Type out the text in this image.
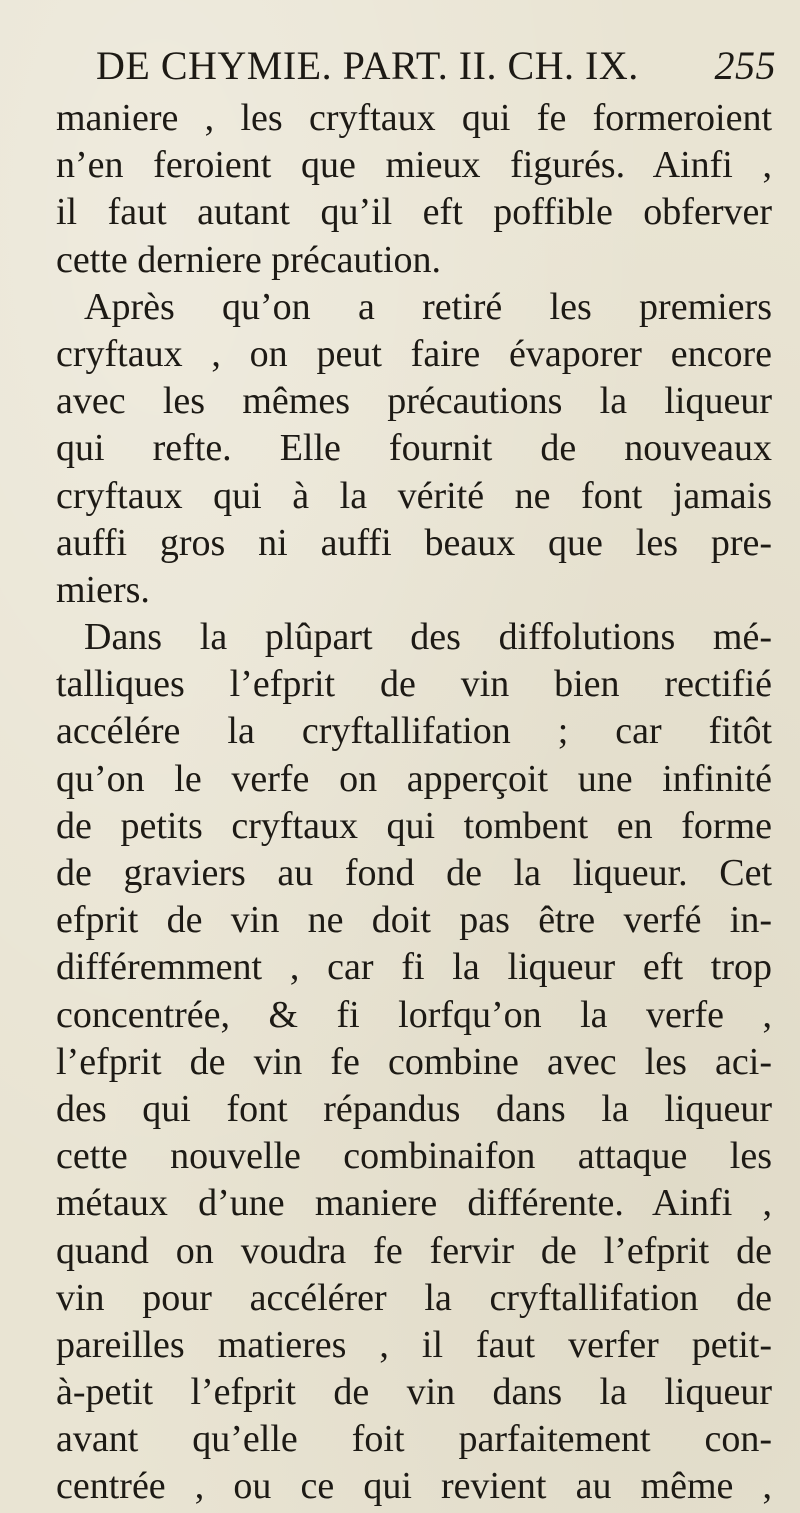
DE CHYMIE. PART. II. CH. IX. 255
maniere , les cryftaux qui fe formeroient
n’en feroient que mieux figurés. Ainfi ,
il faut autant qu’il eft poffible obferver
cette derniere précaution.
Après qu’on a retiré les premiers
cryftaux , on peut faire évaporer encore
avec les mêmes précautions la liqueur
qui refte. Elle fournit de nouveaux
cryftaux qui à la vérité ne font jamais
auffi gros ni auffi beaux que les pre-
miers.
Dans la plûpart des diffolutions mé-
talliques l’efprit de vin bien rectifié
accélére la cryftallifation ; car fitôt
qu’on le verfe on apperçoit une infinité
de petits cryftaux qui tombent en forme
de graviers au fond de la liqueur. Cet
efprit de vin ne doit pas être verfé in-
différemment , car fi la liqueur eft trop
concentrée, & fi lorfqu’on la verfe ,
l’efprit de vin fe combine avec les aci-
des qui font répandus dans la liqueur
cette nouvelle combinaifon attaque les
métaux d’une maniere différente. Ainfi ,
quand on voudra fe fervir de l’efprit de
vin pour accélérer la cryftallifation de
pareilles matieres , il faut verfer petit-
à-petit l’efprit de vin dans la liqueur
avant qu’elle foit parfaitement con-
centrée , ou ce qui revient au même ,
